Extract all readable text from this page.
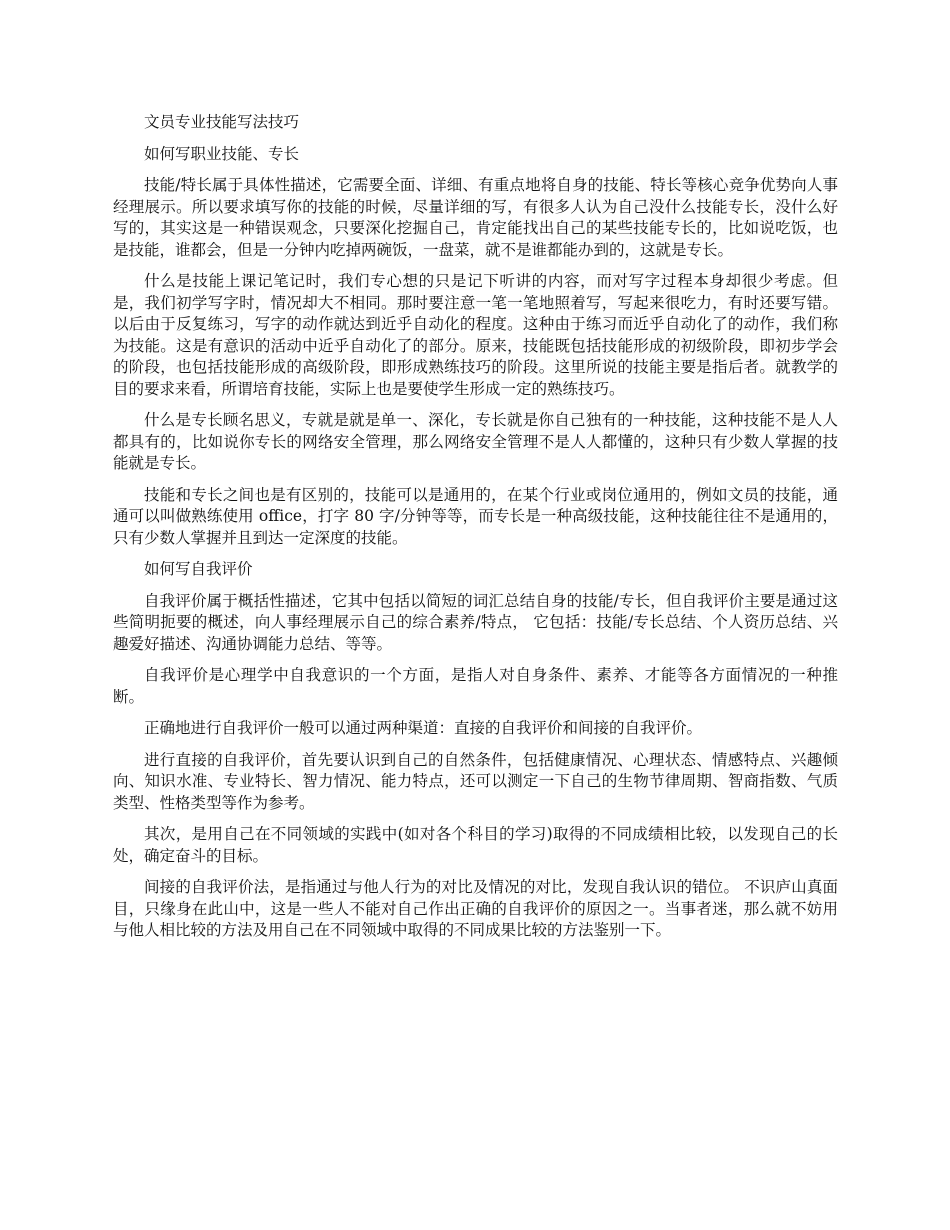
文员专业技能写法技巧

如何写职业技能、专长

技能/特长属于具体性描述，它需要全面、详细、有重点地将自身的技能、特长等核心竞争优势向人事经理展示。所以要求填写你的技能的时候，尽量详细的写，有很多人认为自己没什么技能专长，没什么好写的，其实这是一种错误观念，只要深化挖掘自己，肯定能找出自己的某些技能专长的，比如说吃饭，也是技能，谁都会，但是一分钟内吃掉两碗饭，一盘菜，就不是谁都能办到的，这就是专长。

什么是技能上课记笔记时，我们专心想的只是记下听讲的内容，而对写字过程本身却很少考虑。但是，我们初学写字时，情况却大不相同。那时要注意一笔一笔地照着写，写起来很吃力，有时还要写错。以后由于反复练习，写字的动作就达到近乎自动化的程度。这种由于练习而近乎自动化了的动作，我们称为技能。这是有意识的活动中近乎自动化了的部分。原来，技能既包括技能形成的初级阶段，即初步学会的阶段，也包括技能形成的高级阶段，即形成熟练技巧的阶段。这里所说的技能主要是指后者。就教学的目的要求来看，所谓培育技能，实际上也是要使学生形成一定的熟练技巧。

什么是专长顾名思义，专就是就是单一、深化，专长就是你自己独有的一种技能，这种技能不是人人都具有的，比如说你专长的网络安全管理，那么网络安全管理不是人人都懂的，这种只有少数人掌握的技能就是专长。

技能和专长之间也是有区别的，技能可以是通用的，在某个行业或岗位通用的，例如文员的技能，通通可以叫做熟练使用 office，打字 80 字/分钟等等，而专长是一种高级技能，这种技能往往不是通用的，只有少数人掌握并且到达一定深度的技能。

如何写自我评价

自我评价属于概括性描述，它其中包括以简短的词汇总结自身的技能/专长，但自我评价主要是通过这些简明扼要的概述，向人事经理展示自己的综合素养/特点， 它包括：技能/专长总结、个人资历总结、兴趣爱好描述、沟通协调能力总结、等等。

自我评价是心理学中自我意识的一个方面，是指人对自身条件、素养、才能等各方面情况的一种推断。

正确地进行自我评价一般可以通过两种渠道：直接的自我评价和间接的自我评价。

进行直接的自我评价，首先要认识到自己的自然条件，包括健康情况、心理状态、情感特点、兴趣倾向、知识水准、专业特长、智力情况、能力特点，还可以测定一下自己的生物节律周期、智商指数、气质类型、性格类型等作为参考。

其次，是用自己在不同领域的实践中(如对各个科目的学习)取得的不同成绩相比较，以发现自己的长处，确定奋斗的目标。

间接的自我评价法，是指通过与他人行为的对比及情况的对比，发现自我认识的错位。 不识庐山真面目，只缘身在此山中，这是一些人不能对自己作出正确的自我评价的原因之一。当事者迷，那么就不妨用与他人相比较的方法及用自己在不同领域中取得的不同成果比较的方法鉴别一下。
